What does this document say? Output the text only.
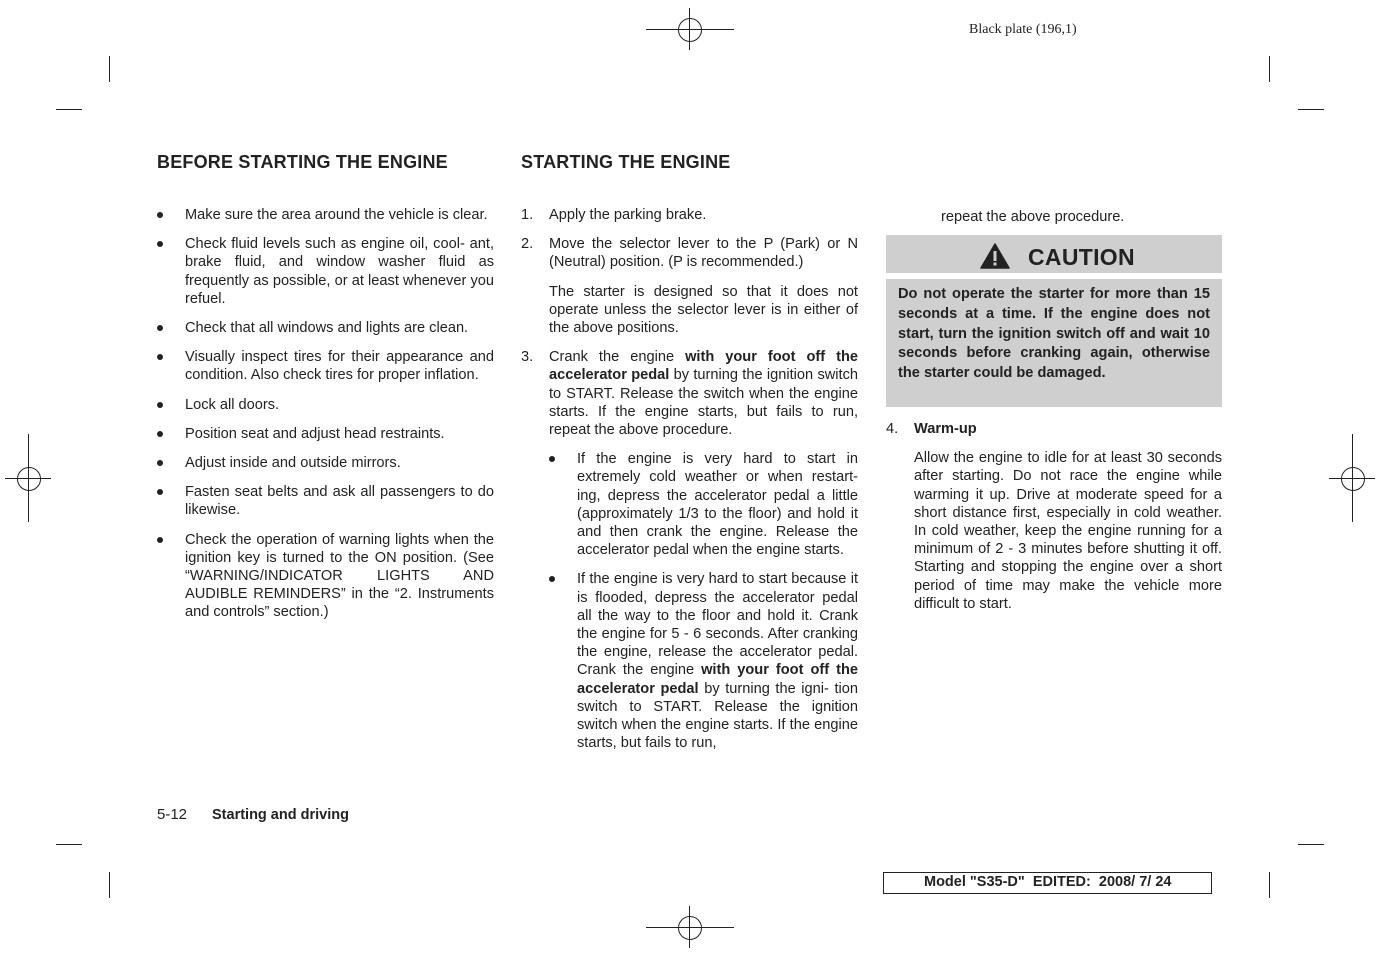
Black plate (196,1)
BEFORE STARTING THE ENGINE
Make sure the area around the vehicle is clear.
Check fluid levels such as engine oil, cool- ant, brake fluid, and window washer fluid as frequently as possible, or at least whenever you refuel.
Check that all windows and lights are clean.
Visually inspect tires for their appearance and condition. Also check tires for proper inflation.
Lock all doors.
Position seat and adjust head restraints.
Adjust inside and outside mirrors.
Fasten seat belts and ask all passengers to do likewise.
Check the operation of warning lights when the ignition key is turned to the ON position. (See “WARNING/INDICATOR LIGHTS AND AUDIBLE REMINDERS” in the “2. Instruments and controls” section.)
STARTING THE ENGINE
1. Apply the parking brake.
2. Move the selector lever to the P (Park) or N (Neutral) position. (P is recommended.)

The starter is designed so that it does not operate unless the selector lever is in either of the above positions.

3. Crank the engine with your foot off the accelerator pedal by turning the ignition switch to START. Release the switch when the engine starts. If the engine starts, but fails to run, repeat the above procedure.

If the engine is very hard to start in extremely cold weather or when restart- ing, depress the accelerator pedal a little (approximately 1/3 to the floor) and hold it and then crank the engine. Release the accelerator pedal when the engine starts.
If the engine is very hard to start because it is flooded, depress the accelerator pedal all the way to the floor and hold it. Crank the engine for 5 - 6 seconds. After cranking the engine, release the accelerator pedal. Crank the engine with your foot off the accelerator pedal by turning the igni- tion switch to START. Release the ignition switch when the engine starts. If the engine starts, but fails to run,
repeat the above procedure.
CAUTION
Do not operate the starter for more than 15 seconds at a time. If the engine does not start, turn the ignition switch off and wait 10 seconds before cranking again, otherwise the starter could be damaged.
4. Warm-up

Allow the engine to idle for at least 30 seconds after starting. Do not race the engine while warming it up. Drive at moderate speed for a short distance first, especially in cold weather. In cold weather, keep the engine running for a minimum of 2 - 3 minutes before shutting it off. Starting and stopping the engine over a short period of time may make the vehicle more difficult to start.

5-12 Starting and driving
Model "S35-D"  EDITED:  2008/ 7/ 24
